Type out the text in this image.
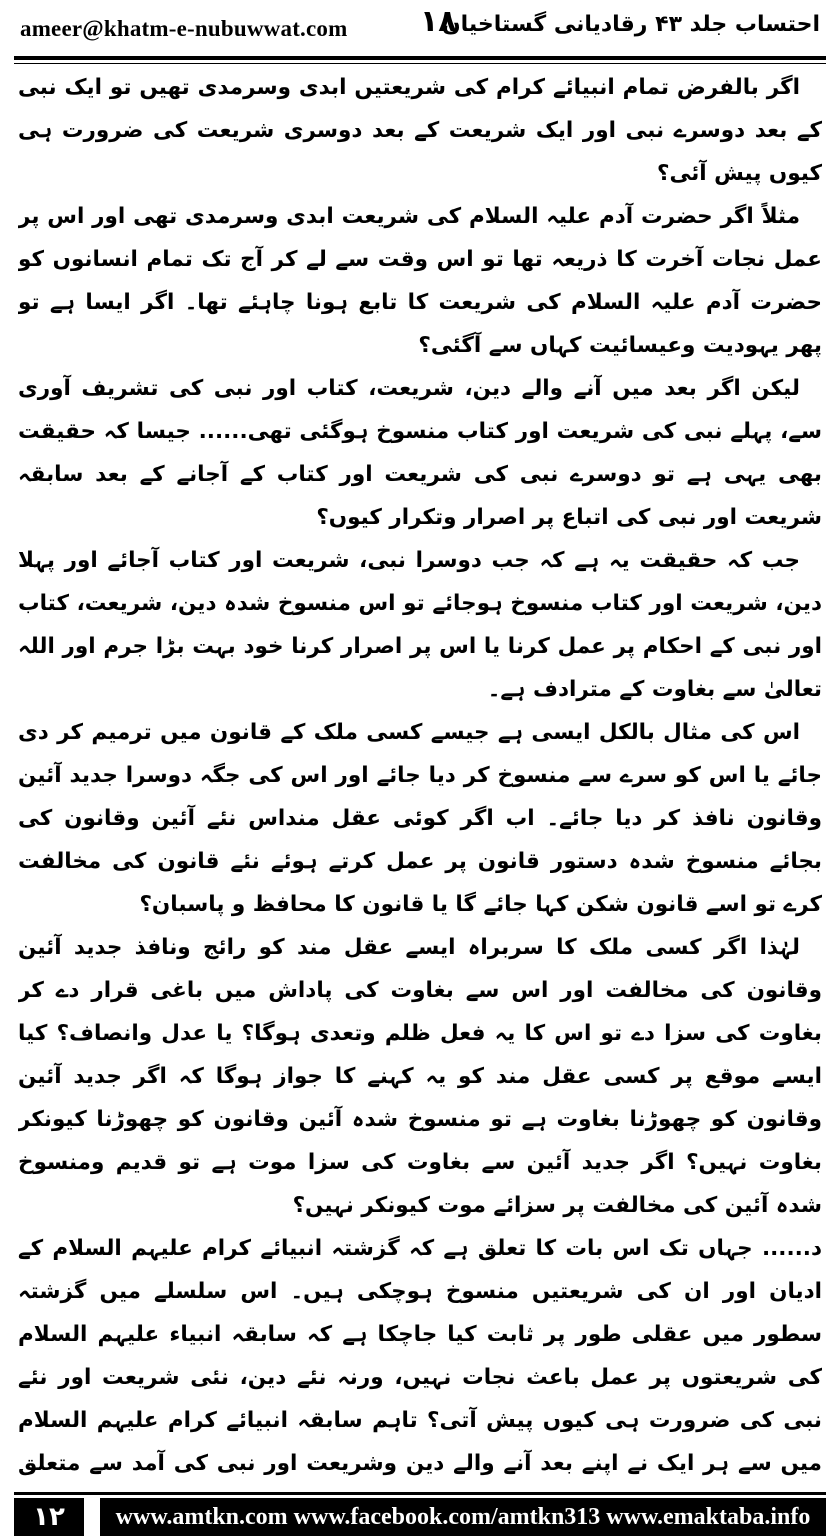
ameer@khatm-e-nubuwwat.com ۱۸
احتساب جلد ۴۳ رقادیانی گستاخیاں

اگر بالفرض تمام انبیائے کرام کی شریعتیں ابدی وسرمدی تھیں تو ایک نبی کے بعد دوسرے نبی اور ایک شریعت کے بعد دوسری شریعت کی ضرورت ہی کیوں پیش آئی؟

مثلاً اگر حضرت آدم علیہ السلام کی شریعت ابدی وسرمدی تھی اور اس پر عمل نجات آخرت کا ذریعہ تھا تو اس وقت سے لے کر آج تک تمام انسانوں کو حضرت آدم علیہ السلام کی شریعت کا تابع ہونا چاہئے تھا۔ اگر ایسا ہے تو پھر یہودیت وعیسائیت کہاں سے آگئی؟

لیکن اگر بعد میں آنے والے دین، شریعت، کتاب اور نبی کی تشریف آوری سے، پہلے نبی کی شریعت اور کتاب منسوخ ہوگئی تھی...... جیسا کہ حقیقت بھی یہی ہے تو دوسرے نبی کی شریعت اور کتاب کے آجانے کے بعد سابقہ شریعت اور نبی کی اتباع پر اصرار وتکرار کیوں؟

جب کہ حقیقت یہ ہے کہ جب دوسرا نبی، شریعت اور کتاب آجائے اور پہلا دین، شریعت اور کتاب منسوخ ہوجائے تو اس منسوخ شدہ دین، شریعت، کتاب اور نبی کے احکام پر عمل کرنا یا اس پر اصرار کرنا خود بہت بڑا جرم اور اللہ تعالیٰ سے بغاوت کے مترادف ہے۔

اس کی مثال بالکل ایسی ہے جیسے کسی ملک کے قانون میں ترمیم کر دی جائے یا اس کو سرے سے منسوخ کر دیا جائے اور اس کی جگہ دوسرا جدید آئین وقانون نافذ کر دیا جائے۔ اب اگر کوئی عقل منداس نئے آئین وقانون کی بجائے منسوخ شدہ دستور قانون پر عمل کرتے ہوئے نئے قانون کی مخالفت کرے تو اسے قانون شکن کہا جائے گا یا قانون کا محافظ و پاسبان؟

لہٰذا اگر کسی ملک کا سربراہ ایسے عقل مند کو رائج ونافذ جدید آئین وقانون کی مخالفت اور اس سے بغاوت کی پاداش میں باغی قرار دے کر بغاوت کی سزا دے تو اس کا یہ فعل ظلم وتعدی ہوگا؟ یا عدل وانصاف؟ کیا ایسے موقع پر کسی عقل مند کو یہ کہنے کا جواز ہوگا کہ اگر جدید آئین وقانون کو چھوڑنا بغاوت ہے تو منسوخ شدہ آئین وقانون کو چھوڑنا کیونکر بغاوت نہیں؟ اگر جدید آئین سے بغاوت کی سزا موت ہے تو قدیم ومنسوخ شدہ آئین کی مخالفت پر سزائے موت کیونکر نہیں؟

د...... جہاں تک اس بات کا تعلق ہے کہ گزشتہ انبیائے کرام علیہم السلام کے ادیان اور ان کی شریعتیں منسوخ ہوچکی ہیں۔ اس سلسلے میں گزشتہ سطور میں عقلی طور پر ثابت کیا جاچکا ہے کہ سابقہ انبیاء علیہم السلام کی شریعتوں پر عمل باعث نجات نہیں، ورنہ نئے دین، نئی شریعت اور نئے نبی کی ضرورت ہی کیوں پیش آتی؟ تاہم سابقہ انبیائے کرام علیہم السلام میں سے ہر ایک نے اپنے بعد آنے والے دین وشریعت اور نبی کی آمد سے متعلق

۱۲	www.amtkn.com www.facebook.com/amtkn313 www.emaktaba.info
